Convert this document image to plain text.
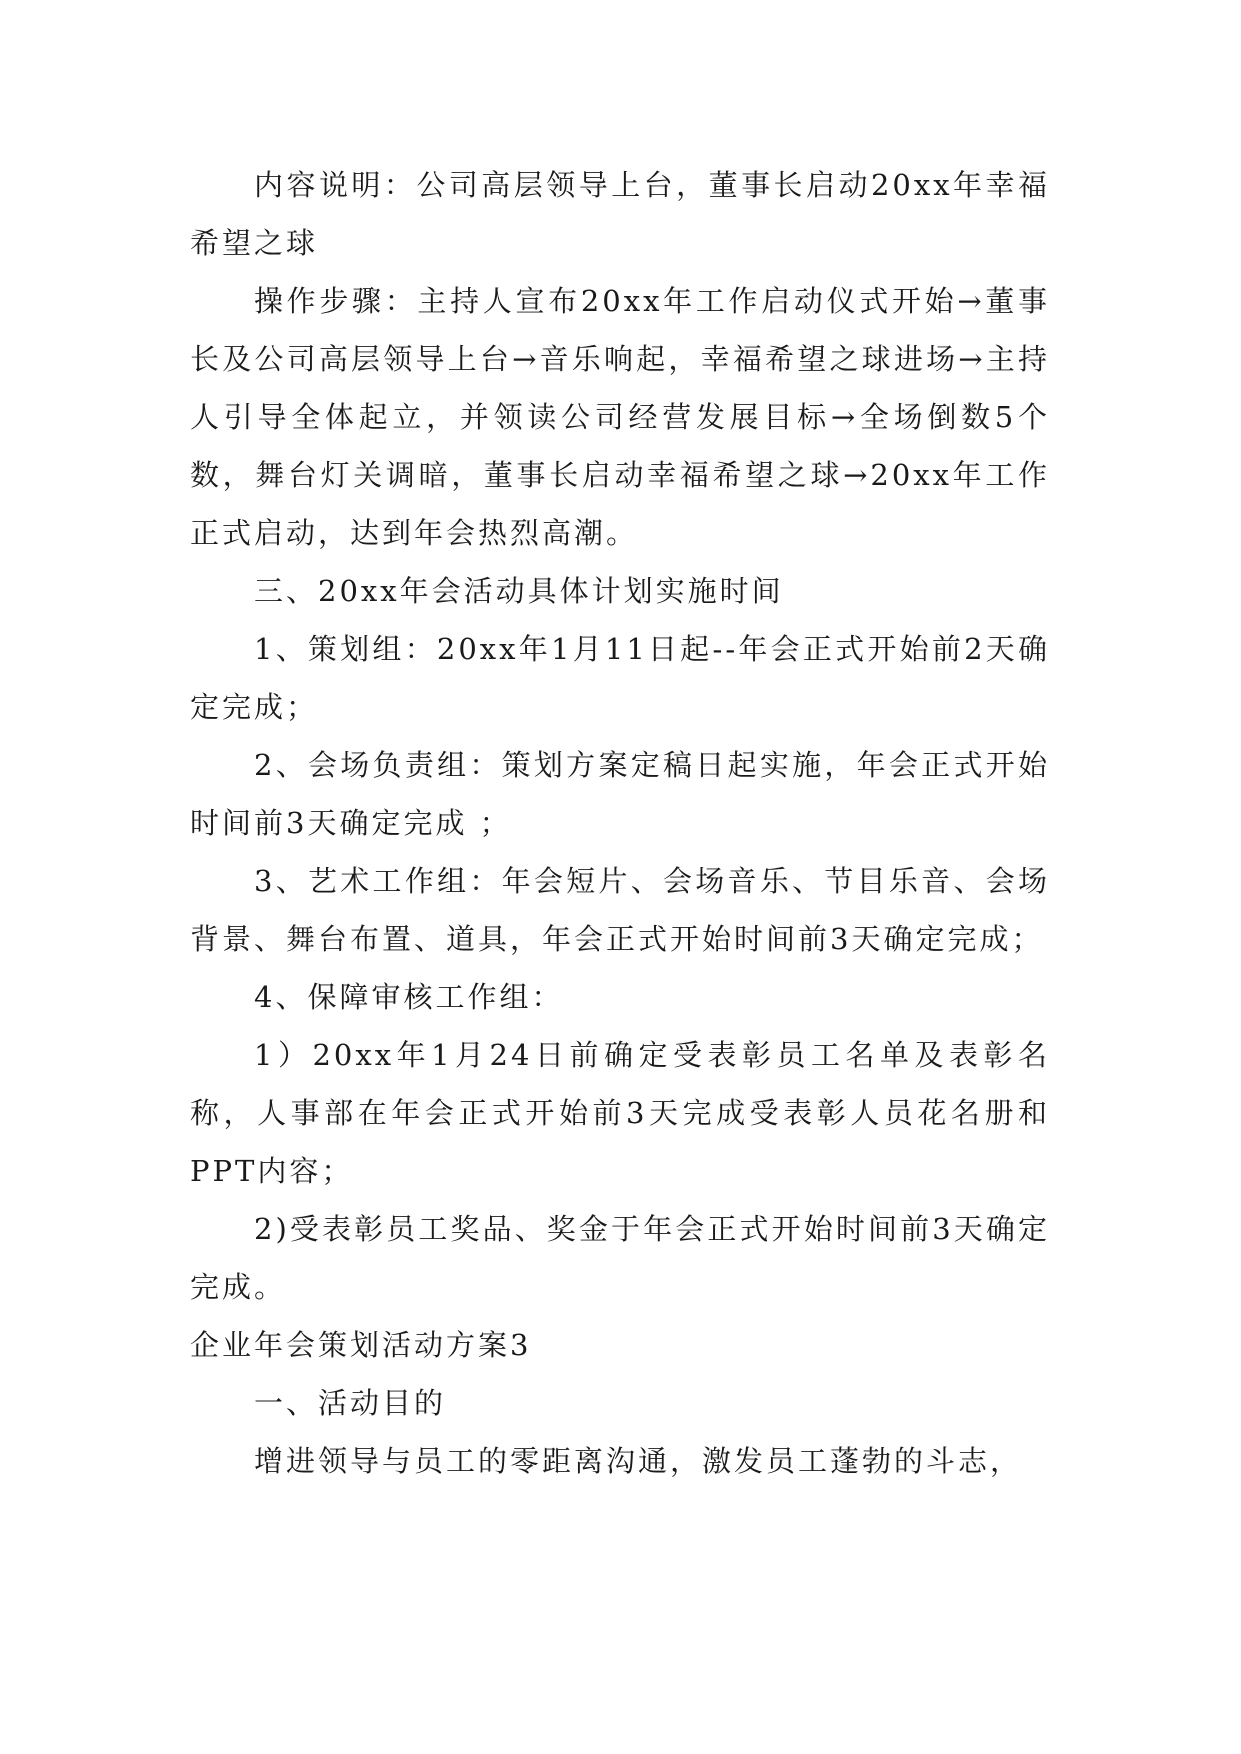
内容说明：公司高层领导上台，董事长启动20xx年幸福希望之球

操作步骤：主持人宣布20xx年工作启动仪式开始→董事长及公司高层领导上台→音乐响起，幸福希望之球进场→主持人引导全体起立，并领读公司经营发展目标→全场倒数5个数，舞台灯关调暗，董事长启动幸福希望之球→20xx年工作正式启动，达到年会热烈高潮。

三、20xx年会活动具体计划实施时间

1、策划组：20xx年1月11日起--年会正式开始前2天确定完成；

2、会场负责组：策划方案定稿日起实施，年会正式开始时间前3天确定完成 ；

3、艺术工作组：年会短片、会场音乐、节目乐音、会场背景、舞台布置、道具，年会正式开始时间前3天确定完成；

4、保障审核工作组：

1）20xx年1月24日前确定受表彰员工名单及表彰名称，人事部在年会正式开始前3天完成受表彰人员花名册和PPT内容；

2)受表彰员工奖品、奖金于年会正式开始时间前3天确定完成。

企业年会策划活动方案3

一、活动目的

增进领导与员工的零距离沟通，激发员工蓬勃的斗志，
